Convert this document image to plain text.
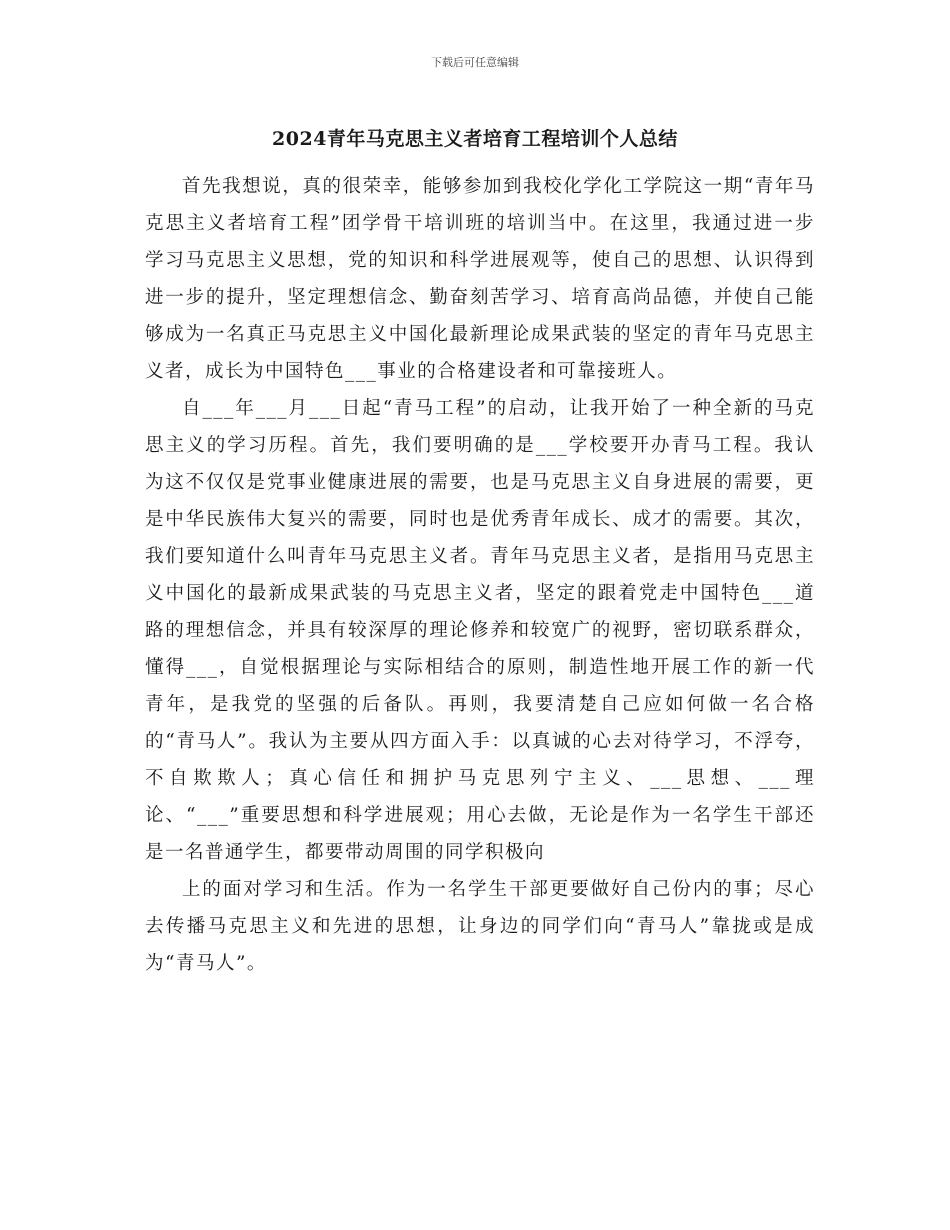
下载后可任意编辑
2024青年马克思主义者培育工程培训个人总结

首先我想说，真的很荣幸，能够参加到我校化学化工学院这一期“青年马克思主义者培育工程”团学骨干培训班的培训当中。在这里，我通过进一步学习马克思主义思想，党的知识和科学进展观等，使自己的思想、认识得到进一步的提升，坚定理想信念、勤奋刻苦学习、培育高尚品德，并使自己能够成为一名真正马克思主义中国化最新理论成果武装的坚定的青年马克思主义者，成长为中国特色___事业的合格建设者和可靠接班人。

自___年___月___日起“青马工程”的启动，让我开始了一种全新的马克思主义的学习历程。首先，我们要明确的是___学校要开办青马工程。我认为这不仅仅是党事业健康进展的需要，也是马克思主义自身进展的需要，更是中华民族伟大复兴的需要，同时也是优秀青年成长、成才的需要。其次，我们要知道什么叫青年马克思主义者。青年马克思主义者，是指用马克思主义中国化的最新成果武装的马克思主义者，坚定的跟着党走中国特色___道路的理想信念，并具有较深厚的理论修养和较宽广的视野，密切联系群众，懂得___，自觉根据理论与实际相结合的原则，制造性地开展工作的新一代青年，是我党的坚强的后备队。再则，我要清楚自己应如何做一名合格的“青马人”。我认为主要从四方面入手：以真诚的心去对待学习，不浮夸，不自欺欺人；真心信任和拥护马克思列宁主义、___思想、___理论、“___”重要思想和科学进展观；用心去做，无论是作为一名学生干部还是一名普通学生，都要带动周围的同学积极向

上的面对学习和生活。作为一名学生干部更要做好自己份内的事；尽心去传播马克思主义和先进的思想，让身边的同学们向“青马人”靠拢或是成为“青马人”。
